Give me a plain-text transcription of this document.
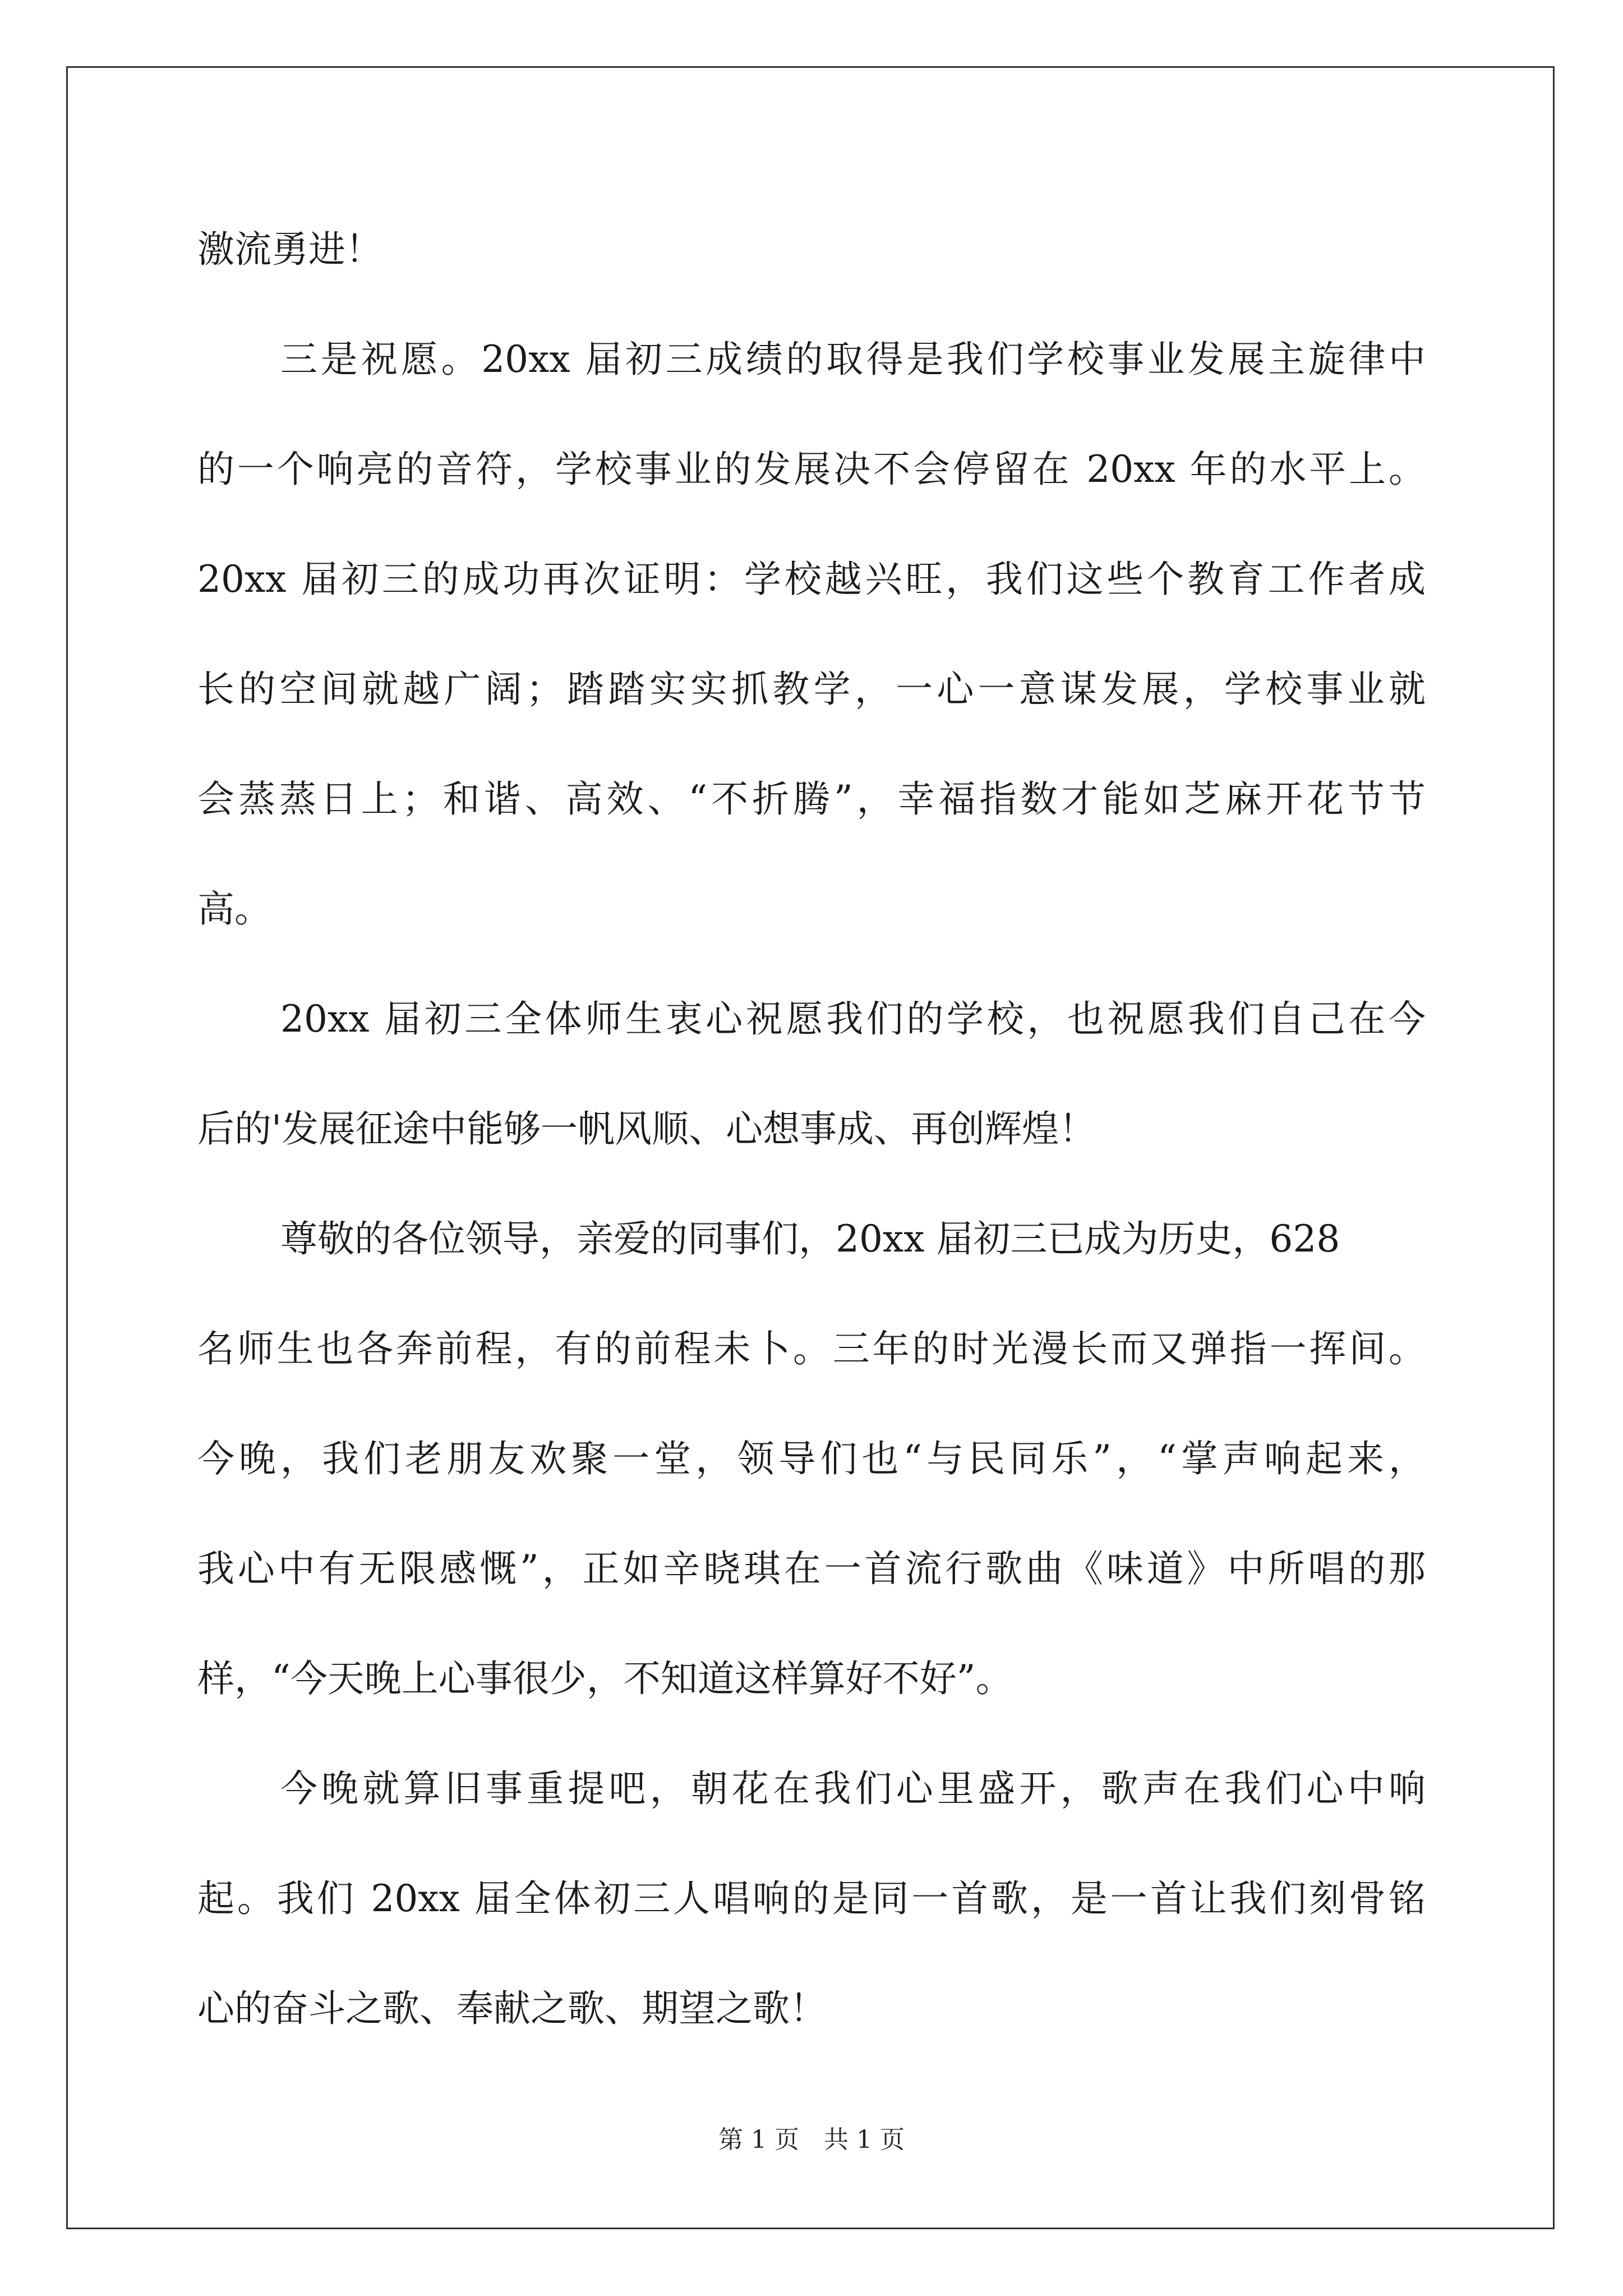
激流勇进！
三是祝愿。20xx 届初三成绩的取得是我们学校事业发展主旋律中
的一个响亮的音符，学校事业的发展决不会停留在 20xx 年的水平上。
20xx 届初三的成功再次证明：学校越兴旺，我们这些个教育工作者成
长的空间就越广阔；踏踏实实抓教学，一心一意谋发展，学校事业就
会蒸蒸日上；和谐、高效、“不折腾”，幸福指数才能如芝麻开花节节
高。
20xx 届初三全体师生衷心祝愿我们的学校，也祝愿我们自己在今
后的'发展征途中能够一帆风顺、心想事成、再创辉煌！
尊敬的各位领导，亲爱的同事们，20xx 届初三已成为历史，628
名师生也各奔前程，有的前程未卜。三年的时光漫长而又弹指一挥间。
今晚，我们老朋友欢聚一堂，领导们也“与民同乐”，“掌声响起来，
我心中有无限感慨”，正如辛晓琪在一首流行歌曲《味道》中所唱的那
样，“今天晚上心事很少，不知道这样算好不好”。
今晚就算旧事重提吧，朝花在我们心里盛开，歌声在我们心中响
起。我们 20xx 届全体初三人唱响的是同一首歌，是一首让我们刻骨铭
心的奋斗之歌、奉献之歌、期望之歌！
第 1 页　共 1 页
